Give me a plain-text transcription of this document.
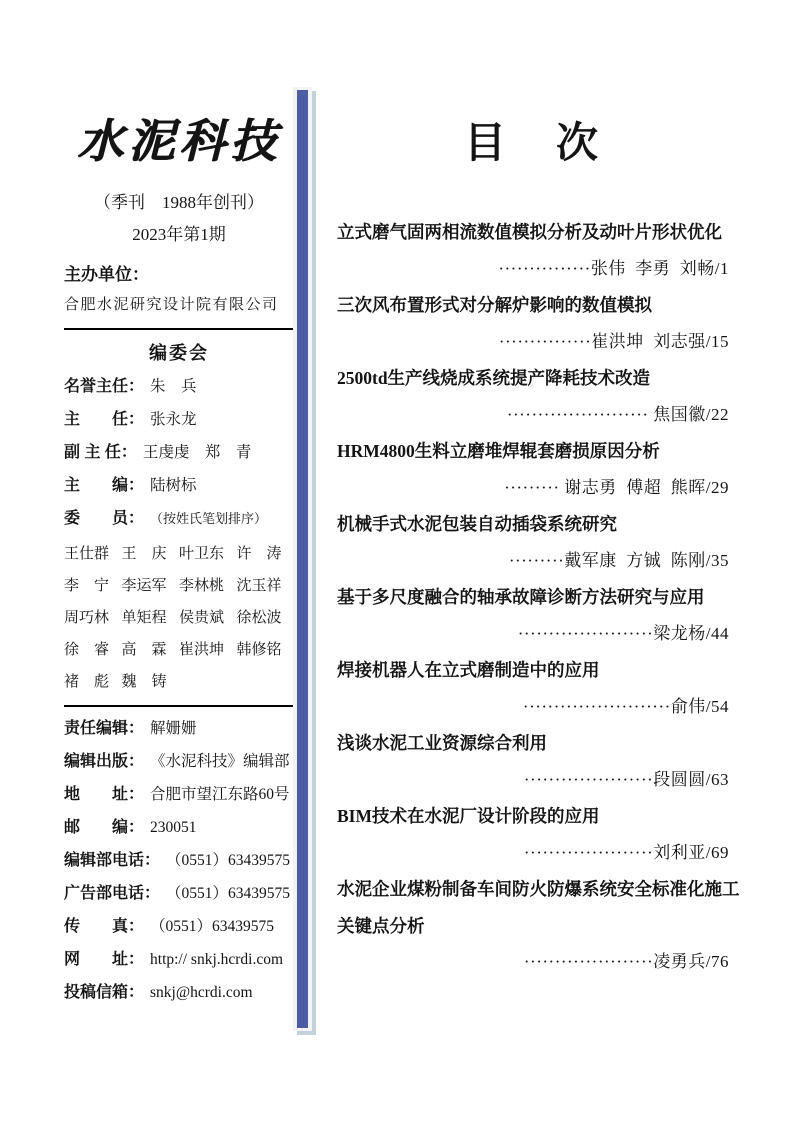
水泥科技
（季刊　1988年创刊）
2023年第1期
主办单位：
合肥水泥研究设计院有限公司
编委会
名誉主任： 朱　兵
主　　任： 张永龙
副 主 任： 王虔虔　郑　青
主　　编： 陆树标
委　　员： （按姓氏笔划排序）
王仕群 王　庆 叶卫东 许　涛
李　宁 李运军 李林桃 沈玉祥
周巧林 单矩程 侯贵斌 徐松波
徐　睿 高　霖 崔洪坤 韩修铭
褚　彪 魏　铸
责任编辑： 解姗姗
编辑出版： 《水泥科技》编辑部
地　　址： 合肥市望江东路60号
邮　　编： 230051
编辑部电话： （0551）63439575
广告部电话： （0551）63439575
传　　真： （0551）63439575
网　　址： http:// snkj.hcrdi.com
投稿信箱： snkj@hcrdi.com
目　次
立式磨气固两相流数值模拟分析及动叶片形状优化
···············张伟  李勇  刘畅/1
三次风布置形式对分解炉影响的数值模拟
···············崔洪坤  刘志强/15
2500td生产线烧成系统提产降耗技术改造
······················· 焦国徽/22
HRM4800生料立磨堆焊辊套磨损原因分析
········· 谢志勇  傅超  熊晖/29
机械手式水泥包装自动插袋系统研究
·········戴军康  方铖  陈刚/35
基于多尺度融合的轴承故障诊断方法研究与应用
······················梁龙杨/44
焊接机器人在立式磨制造中的应用
························俞伟/54
浅谈水泥工业资源综合利用
·····················段圆圆/63
BIM技术在水泥厂设计阶段的应用
·····················刘利亚/69
水泥企业煤粉制备车间防火防爆系统安全标准化施工
关键点分析
·····················凌勇兵/76
